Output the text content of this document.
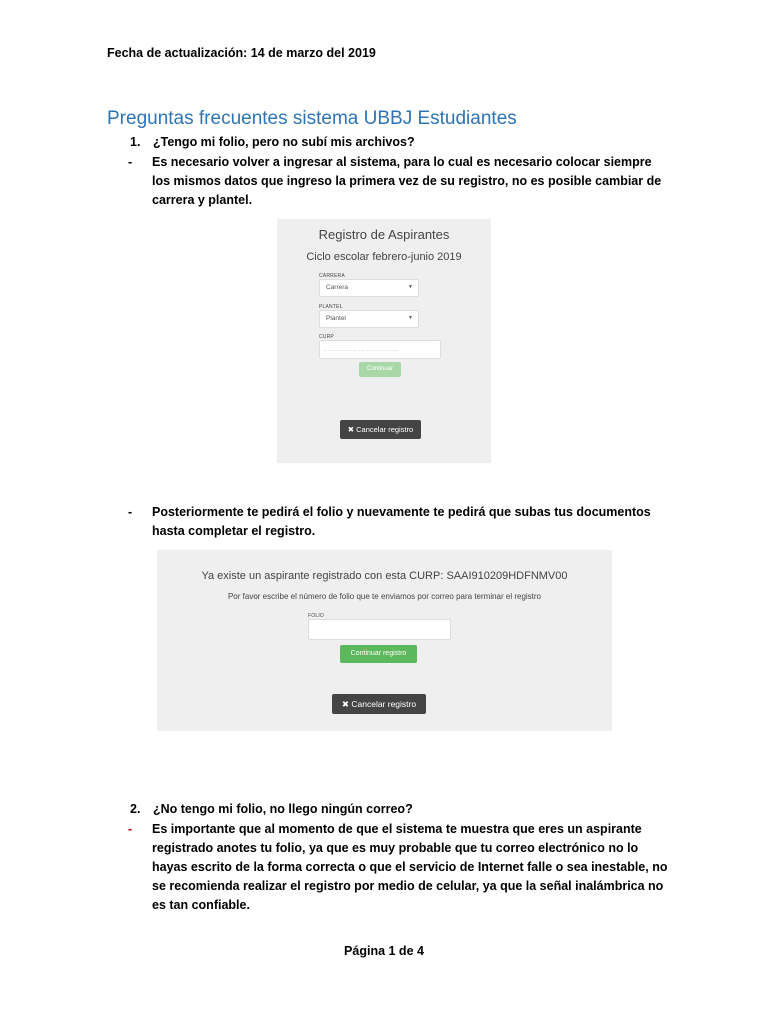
Fecha de actualización: 14 de marzo del 2019
Preguntas frecuentes sistema UBBJ Estudiantes
1. ¿Tengo mi folio, pero no subí mis archivos?
- Es necesario volver a ingresar al sistema, para lo cual es necesario colocar siempre los mismos datos que ingreso la primera vez de su registro, no es posible cambiar de carrera y plantel.
Registro de Aspirantes
Ciclo escolar febrero-junio 2019
CARRERA
Carrera	▼
PLANTEL
Plantel	▼
CURP
_ _ _ _ _ _ _ _ _ _ _ _ _ _ _ _ _ _
Continuar
✖ Cancelar registro
- Posteriormente te pedirá el folio y nuevamente te pedirá que subas tus documentos hasta completar el registro.
Ya existe un aspirante registrado con esta CURP: SAAI910209HDFNMV00
Por favor escribe el número de folio que te enviamos por correo para terminar el registro
FOLIO
Continuar registro
✖ Cancelar registro
2. ¿No tengo mi folio, no llego ningún correo?
- Es importante que al momento de que el sistema te muestra que eres un aspirante registrado anotes tu folio, ya que es muy probable que tu correo electrónico no lo hayas escrito de la forma correcta o que el servicio de Internet falle o sea inestable, no se recomienda realizar el registro por medio de celular, ya que la señal inalámbrica no es tan confiable.
Página 1 de 4
